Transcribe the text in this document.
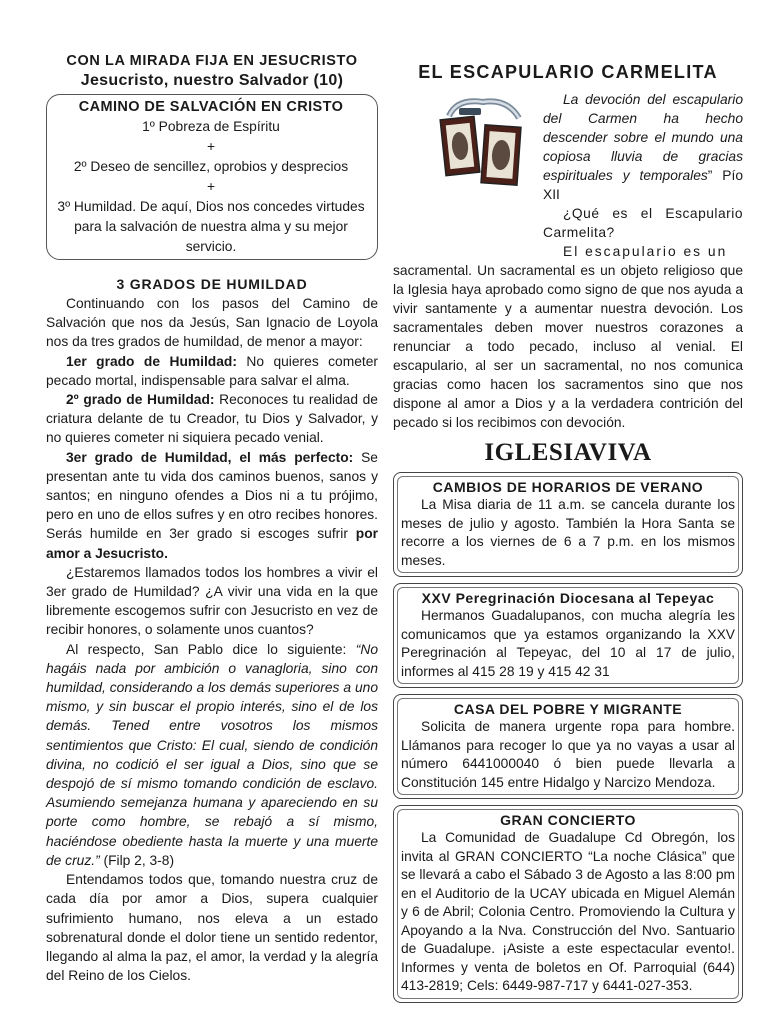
CON LA MIRADA FIJA EN JESUCRISTO
Jesucristo, nuestro Salvador (10)
CAMINO DE SALVACIÓN EN CRISTO
1º Pobreza de Espíritu
+
2º Deseo de sencillez, oprobios y desprecios
+
3º Humildad. De aquí, Dios nos concedes virtudes para la salvación de nuestra alma y su mejor servicio.
3 GRADOS DE HUMILDAD

Continuando con los pasos del Camino de Salvación que nos da Jesús, San Ignacio de Loyola nos da tres grados de humildad, de menor a mayor:

1er grado de Humildad: No quieres cometer pecado mortal, indispensable para salvar el alma.

2º grado de Humildad: Reconoces tu realidad de criatura delante de tu Creador, tu Dios y Salvador, y no quieres cometer ni siquiera pecado venial.

3er grado de Humildad, el más perfecto: Se presentan ante tu vida dos caminos buenos, sanos y santos; en ninguno ofendes a Dios ni a tu prójimo, pero en uno de ellos sufres y en otro recibes honores. Serás humilde en 3er grado si escoges sufrir por amor a Jesucristo.

¿Estaremos llamados todos los hombres a vivir el 3er grado de Humildad? ¿A vivir una vida en la que libremente escogemos sufrir con Jesucristo en vez de recibir honores, o solamente unos cuantos?

Al respecto, San Pablo dice lo siguiente: “No hagáis nada por ambición o vanagloria, sino con humildad, considerando a los demás superiores a uno mismo, y sin buscar el propio interés, sino el de los demás. Tened entre vosotros los mismos sentimientos que Cristo: El cual, siendo de condición divina, no codició el ser igual a Dios, sino que se despojó de sí mismo tomando condición de esclavo. Asumiendo semejanza humana y apareciendo en su porte como hombre, se rebajó a sí mismo, haciéndose obediente hasta la muerte y una muerte de cruz.” (Filp 2, 3-8)

Entendamos todos que, tomando nuestra cruz de cada día por amor a Dios, supera cualquier sufrimiento humano, nos eleva a un estado sobrenatural donde el dolor tiene un sentido redentor, llegando al alma la paz, el amor, la verdad y la alegría del Reino de los Cielos.

EL ESCAPULARIO CARMELITA
La devoción del escapulario del Carmen ha hecho descender sobre el mundo una copiosa lluvia de gracias espirituales y temporales” Pío XII
¿Qué es el Escapulario Carmelita?
El escapulario es un

sacramental. Un sacramental es un objeto religioso que la Iglesia haya aprobado como signo de que nos ayuda a vivir santamente y a aumentar nuestra devoción. Los sacramentales deben mover nuestros corazones a renunciar a todo pecado, incluso al venial. El escapulario, al ser un sacramental, no nos comunica gracias como hacen los sacramentos sino que nos dispone al amor a Dios y a la verdadera contrición del pecado si los recibimos con devoción.

IGLESIAVIVA
CAMBIOS DE HORARIOS DE VERANO
La Misa diaria de 11 a.m. se cancela durante los meses de julio y agosto. También la Hora Santa se recorre a los viernes de 6 a 7 p.m. en los mismos meses.
XXV Peregrinación Diocesana al Tepeyac
Hermanos Guadalupanos, con mucha alegría les comunicamos que ya estamos organizando la XXV Peregrinación al Tepeyac, del 10 al 17 de julio, informes al 415 28 19 y 415 42 31
CASA DEL POBRE Y MIGRANTE
Solicita de manera urgente ropa para hombre. Llámanos para recoger lo que ya no vayas a usar al número 6441000040 ó bien puede llevarla a Constitución 145 entre Hidalgo y Narcizo Mendoza.
GRAN CONCIERTO
La Comunidad de Guadalupe Cd Obregón, los invita al GRAN CONCIERTO “La noche Clásica” que se llevará a cabo el Sábado 3 de Agosto a las 8:00 pm en el Auditorio de la UCAY ubicada en Miguel Alemán y 6 de Abril; Colonia Centro. Promoviendo la Cultura y Apoyando a la Nva. Construcción del Nvo. Santuario de Guadalupe. ¡Asiste a este espectacular evento!. Informes y venta de boletos en Of. Parroquial (644) 413-2819; Cels: 6449-987-717 y 6441-027-353.
